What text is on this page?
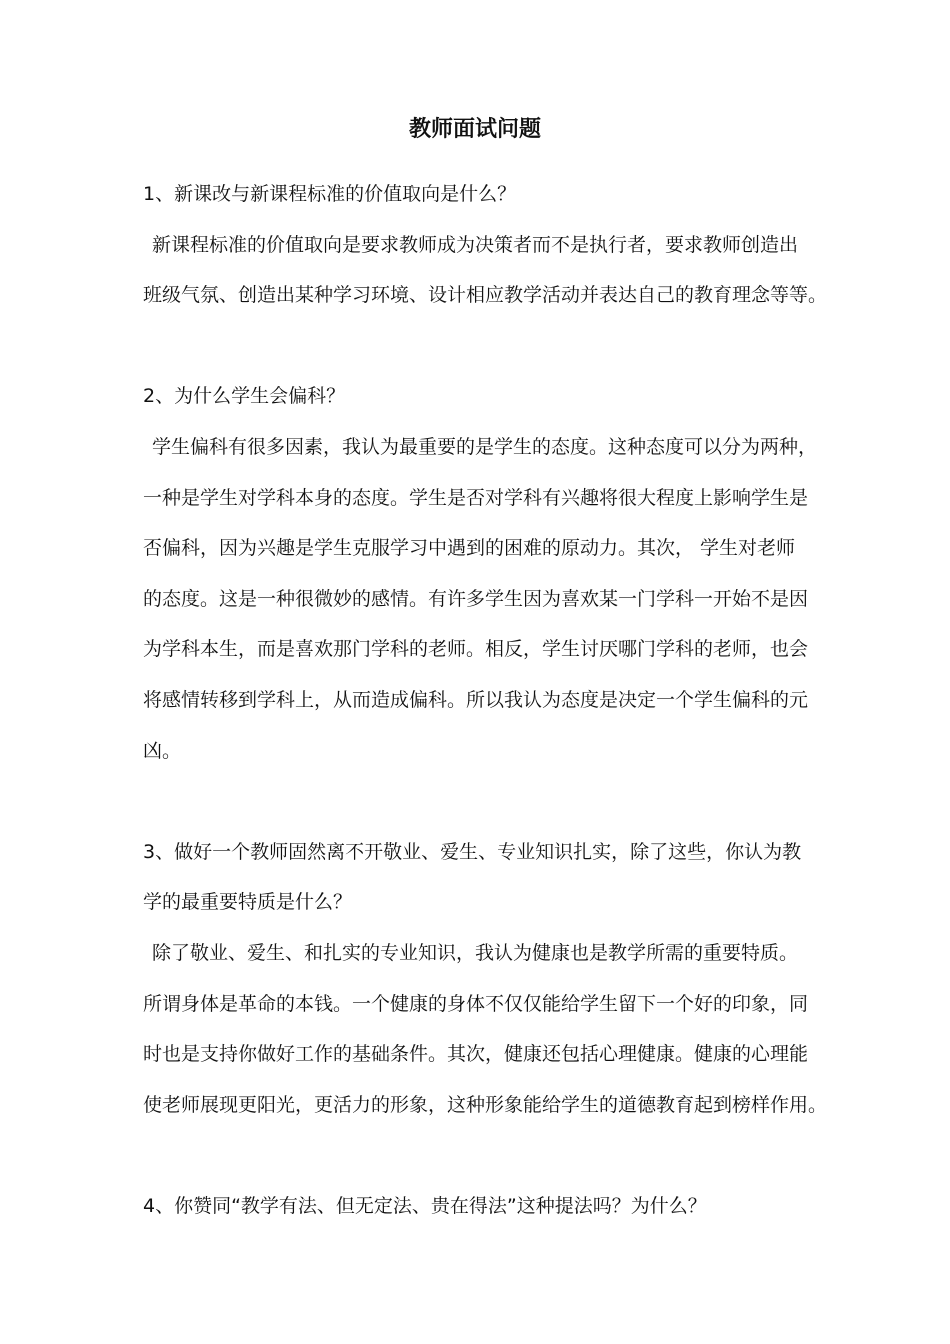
教师面试问题
1、新课改与新课程标准的价值取向是什么？
新课程标准的价值取向是要求教师成为决策者而不是执行者，要求教师创造出
班级气氛、创造出某种学习环境、设计相应教学活动并表达自己的教育理念等等。
2、为什么学生会偏科？
学生偏科有很多因素，我认为最重要的是学生的态度。这种态度可以分为两种，
一种是学生对学科本身的态度。学生是否对学科有兴趣将很大程度上影响学生是
否偏科，因为兴趣是学生克服学习中遇到的困难的原动力。其次， 学生对老师
的态度。这是一种很微妙的感情。有许多学生因为喜欢某一门学科一开始不是因
为学科本生，而是喜欢那门学科的老师。相反，学生讨厌哪门学科的老师，也会
将感情转移到学科上，从而造成偏科。所以我认为态度是决定一个学生偏科的元
凶。
3、做好一个教师固然离不开敬业、爱生、专业知识扎实，除了这些，你认为教
学的最重要特质是什么？
除了敬业、爱生、和扎实的专业知识，我认为健康也是教学所需的重要特质。
所谓身体是革命的本钱。一个健康的身体不仅仅能给学生留下一个好的印象，同
时也是支持你做好工作的基础条件。其次，健康还包括心理健康。健康的心理能
使老师展现更阳光，更活力的形象，这种形象能给学生的道德教育起到榜样作用。
4、你赞同“教学有法、但无定法、贵在得法”这种提法吗？为什么？
